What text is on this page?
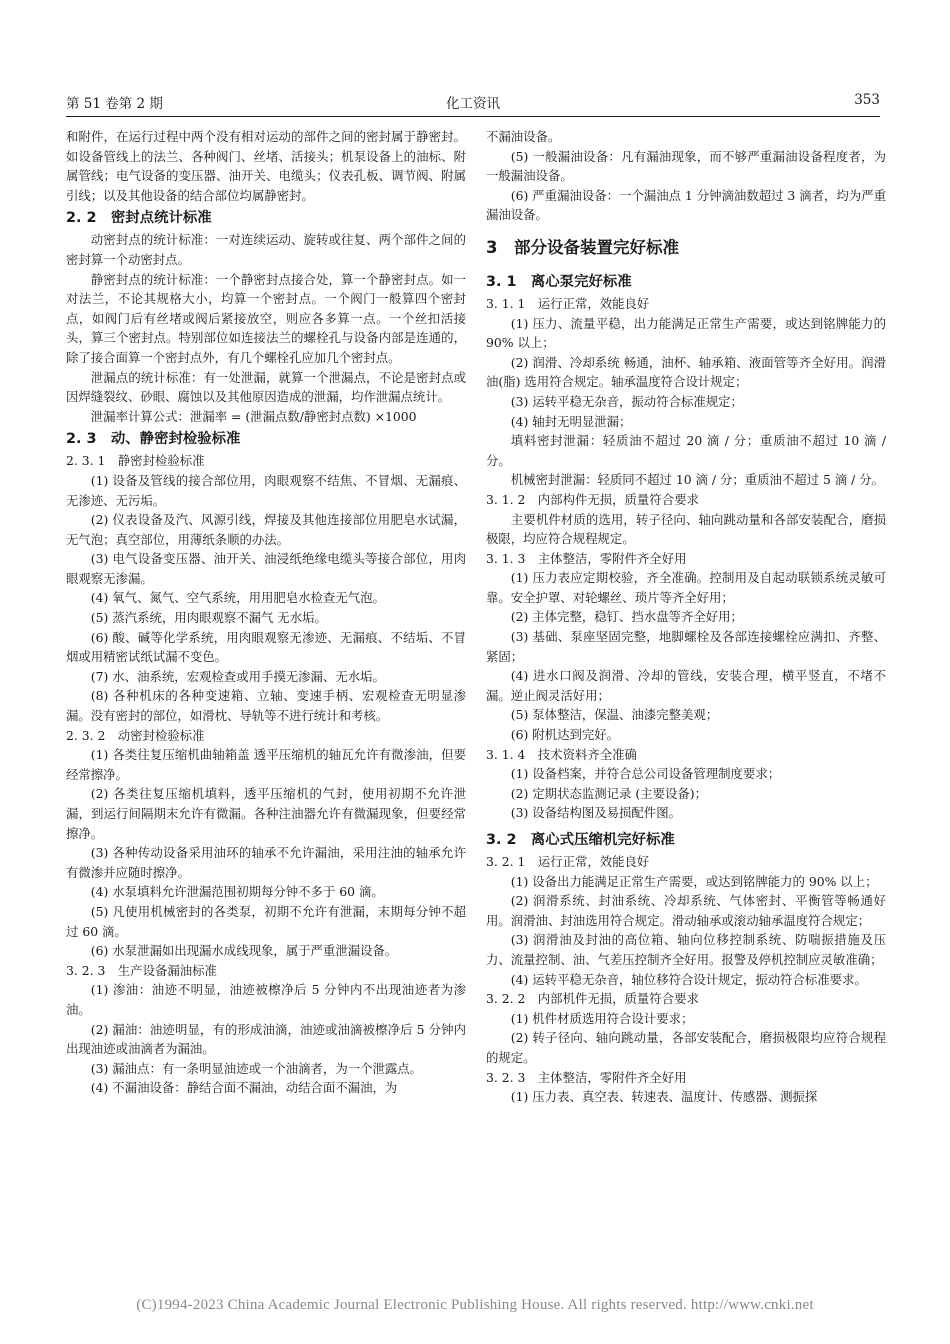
第 51 卷第 2 期	化工资讯	353

和附件，在运行过程中两个没有相对运动的部件之间的密封属于静密封。如设备管线上的法兰、各种阀门、丝堵、活接头；机泵设备上的油标、附属管线；电气设备的变压器、油开关、电缆头；仪表孔板、调节阀、附属引线；以及其他设备的结合部位均属静密封。

2. 2　密封点统计标准

动密封点的统计标准：一对连续运动、旋转或往复、两个部件之间的密封算一个动密封点。

静密封点的统计标准：一个静密封点接合处，算一个静密封点。如一对法兰，不论其规格大小，均算一个密封点。一个阀门一般算四个密封点，如阀门后有丝堵或阀后紧接放空，则应各多算一点。一个丝扣活接头，算三个密封点。特别部位如连接法兰的螺栓孔与设备内部是连通的，除了接合面算一个密封点外，有几个螺栓孔应加几个密封点。

泄漏点的统计标准：有一处泄漏，就算一个泄漏点，不论是密封点或因焊缝裂纹、砂眼、腐蚀以及其他原因造成的泄漏，均作泄漏点统计。

泄漏率计算公式：泄漏率 = (泄漏点数/静密封点数) ×1000

2. 3　动、静密封检验标准

2. 3. 1　静密封检验标准

(1) 设备及管线的接合部位用，肉眼观察不结焦、不冒烟、无漏痕、无渗迹、无污垢。

(2) 仪表设备及汽、风源引线，焊接及其他连接部位用肥皂水试漏，无气泡；真空部位，用薄纸条顺的办法。

(3) 电气设备变压器、油开关、油浸纸绝缘电缆头等接合部位，用肉眼观察无渗漏。

(4) 氧气、氮气、空气系统，用用肥皂水检查无气泡。

(5) 蒸汽系统，用肉眼观察不漏气 无水垢。

(6) 酸、碱等化学系统，用肉眼观察无渗迹、无漏痕、不结垢、不冒烟或用精密试纸试漏不变色。

(7) 水、油系统，宏观检查或用手摸无渗漏、无水垢。

(8) 各种机床的各种变速箱、立轴、变速手柄、宏观检查无明显渗漏。没有密封的部位，如滑枕、导轨等不进行统计和考核。

2. 3. 2　动密封检验标准

(1) 各类往复压缩机曲轴箱盖 透平压缩机的轴瓦允许有微渗油，但要经常擦净。

(2) 各类往复压缩机填料，透平压缩机的气封，使用初期不允许泄漏，到运行间隔期末允许有微漏。各种注油器允许有微漏现象，但要经常擦净。

(3) 各种传动设备采用油环的轴承不允许漏油，采用注油的轴承允许有微渗并应随时擦净。

(4) 水泵填料允许泄漏范围初期每分钟不多于 60 滴。

(5) 凡使用机械密封的各类泵，初期不允许有泄漏，末期每分钟不超过 60 滴。

(6) 水泵泄漏如出现漏水成线现象，属于严重泄漏设备。

3. 2. 3　生产设备漏油标准

(1) 渗油：油迹不明显，油迹被檫净后 5 分钟内不出现油迹者为渗油。

(2) 漏油：油迹明显，有的形成油滴，油迹或油滴被檫净后 5 分钟内出现油迹或油滴者为漏油。

(3) 漏油点：有一条明显油迹或一个油滴者，为一个泄露点。

(4) 不漏油设备：静结合面不漏油，动结合面不漏油，为

不漏油设备。

(5) 一般漏油设备：凡有漏油现象，而不够严重漏油设备程度者，为一般漏油设备。

(6) 严重漏油设备：一个漏油点 1 分钟滴油数超过 3 滴者，均为严重漏油设备。

3　部分设备装置完好标准
3. 1　离心泵完好标准

3. 1. 1　运行正常，效能良好

(1) 压力、流量平稳，出力能满足正常生产需要，或达到铭牌能力的 90% 以上；

(2) 润滑、冷却系统 畅通，油杯、轴承箱、液面管等齐全好用。润滑油(脂) 选用符合规定。轴承温度符合设计规定；

(3) 运转平稳无杂音，振动符合标准规定；

(4) 轴封无明显泄漏；

填料密封泄漏：轻质油不超过 20 滴 / 分；重质油不超过 10 滴 / 分。

机械密封泄漏：轻质同不超过 10 滴 / 分；重质油不超过 5 滴 / 分。

3. 1. 2　内部构件无损，质量符合要求

主要机件材质的选用，转子径向、轴向跳动量和各部安装配合，磨损极限，均应符合规程规定。

3. 1. 3　主体整洁，零附件齐全好用

(1) 压力表应定期校验，齐全准确。控制用及自起动联锁系统灵敏可靠。安全护罩、对轮螺丝、琐片等齐全好用；

(2) 主体完整，稳钉、挡水盘等齐全好用；

(3) 基础、泵座坚固完整，地脚螺栓及各部连接螺栓应满扣、齐整、紧固；

(4) 进水口阀及润滑、冷却的管线，安装合理，横平竖直，不堵不漏。逆止阀灵活好用；

(5) 泵体整洁，保温、油漆完整美观；

(6) 附机达到完好。

3. 1. 4　技术资料齐全准确

(1) 设备档案，并符合总公司设备管理制度要求；

(2) 定期状态监测记录 (主要设备)；

(3) 设备结构图及易损配件图。

3. 2　离心式压缩机完好标准

3. 2. 1　运行正常，效能良好

(1) 设备出力能满足正常生产需要，或达到铭牌能力的 90% 以上；

(2) 润滑系统、封油系统、冷却系统、气体密封、平衡管等畅通好用。润滑油、封油选用符合规定。滑动轴承或滚动轴承温度符合规定；

(3) 润滑油及封油的高位箱、轴向位移控制系统、防喘振措施及压力、流量控制、油、气差压控制齐全好用。报警及停机控制应灵敏准确；

(4) 运转平稳无杂音，轴位移符合设计规定，振动符合标准要求。

3. 2. 2　内部机件无损，质量符合要求

(1) 机件材质选用符合设计要求；

(2) 转子径向、轴向跳动量，各部安装配合，磨损极限均应符合规程的规定。

3. 2. 3　主体整洁，零附件齐全好用

(1) 压力表、真空表、转速表、温度计、传感器、测振探

(C)1994-2023 China Academic Journal Electronic Publishing House. All rights reserved. http://www.cnki.net
